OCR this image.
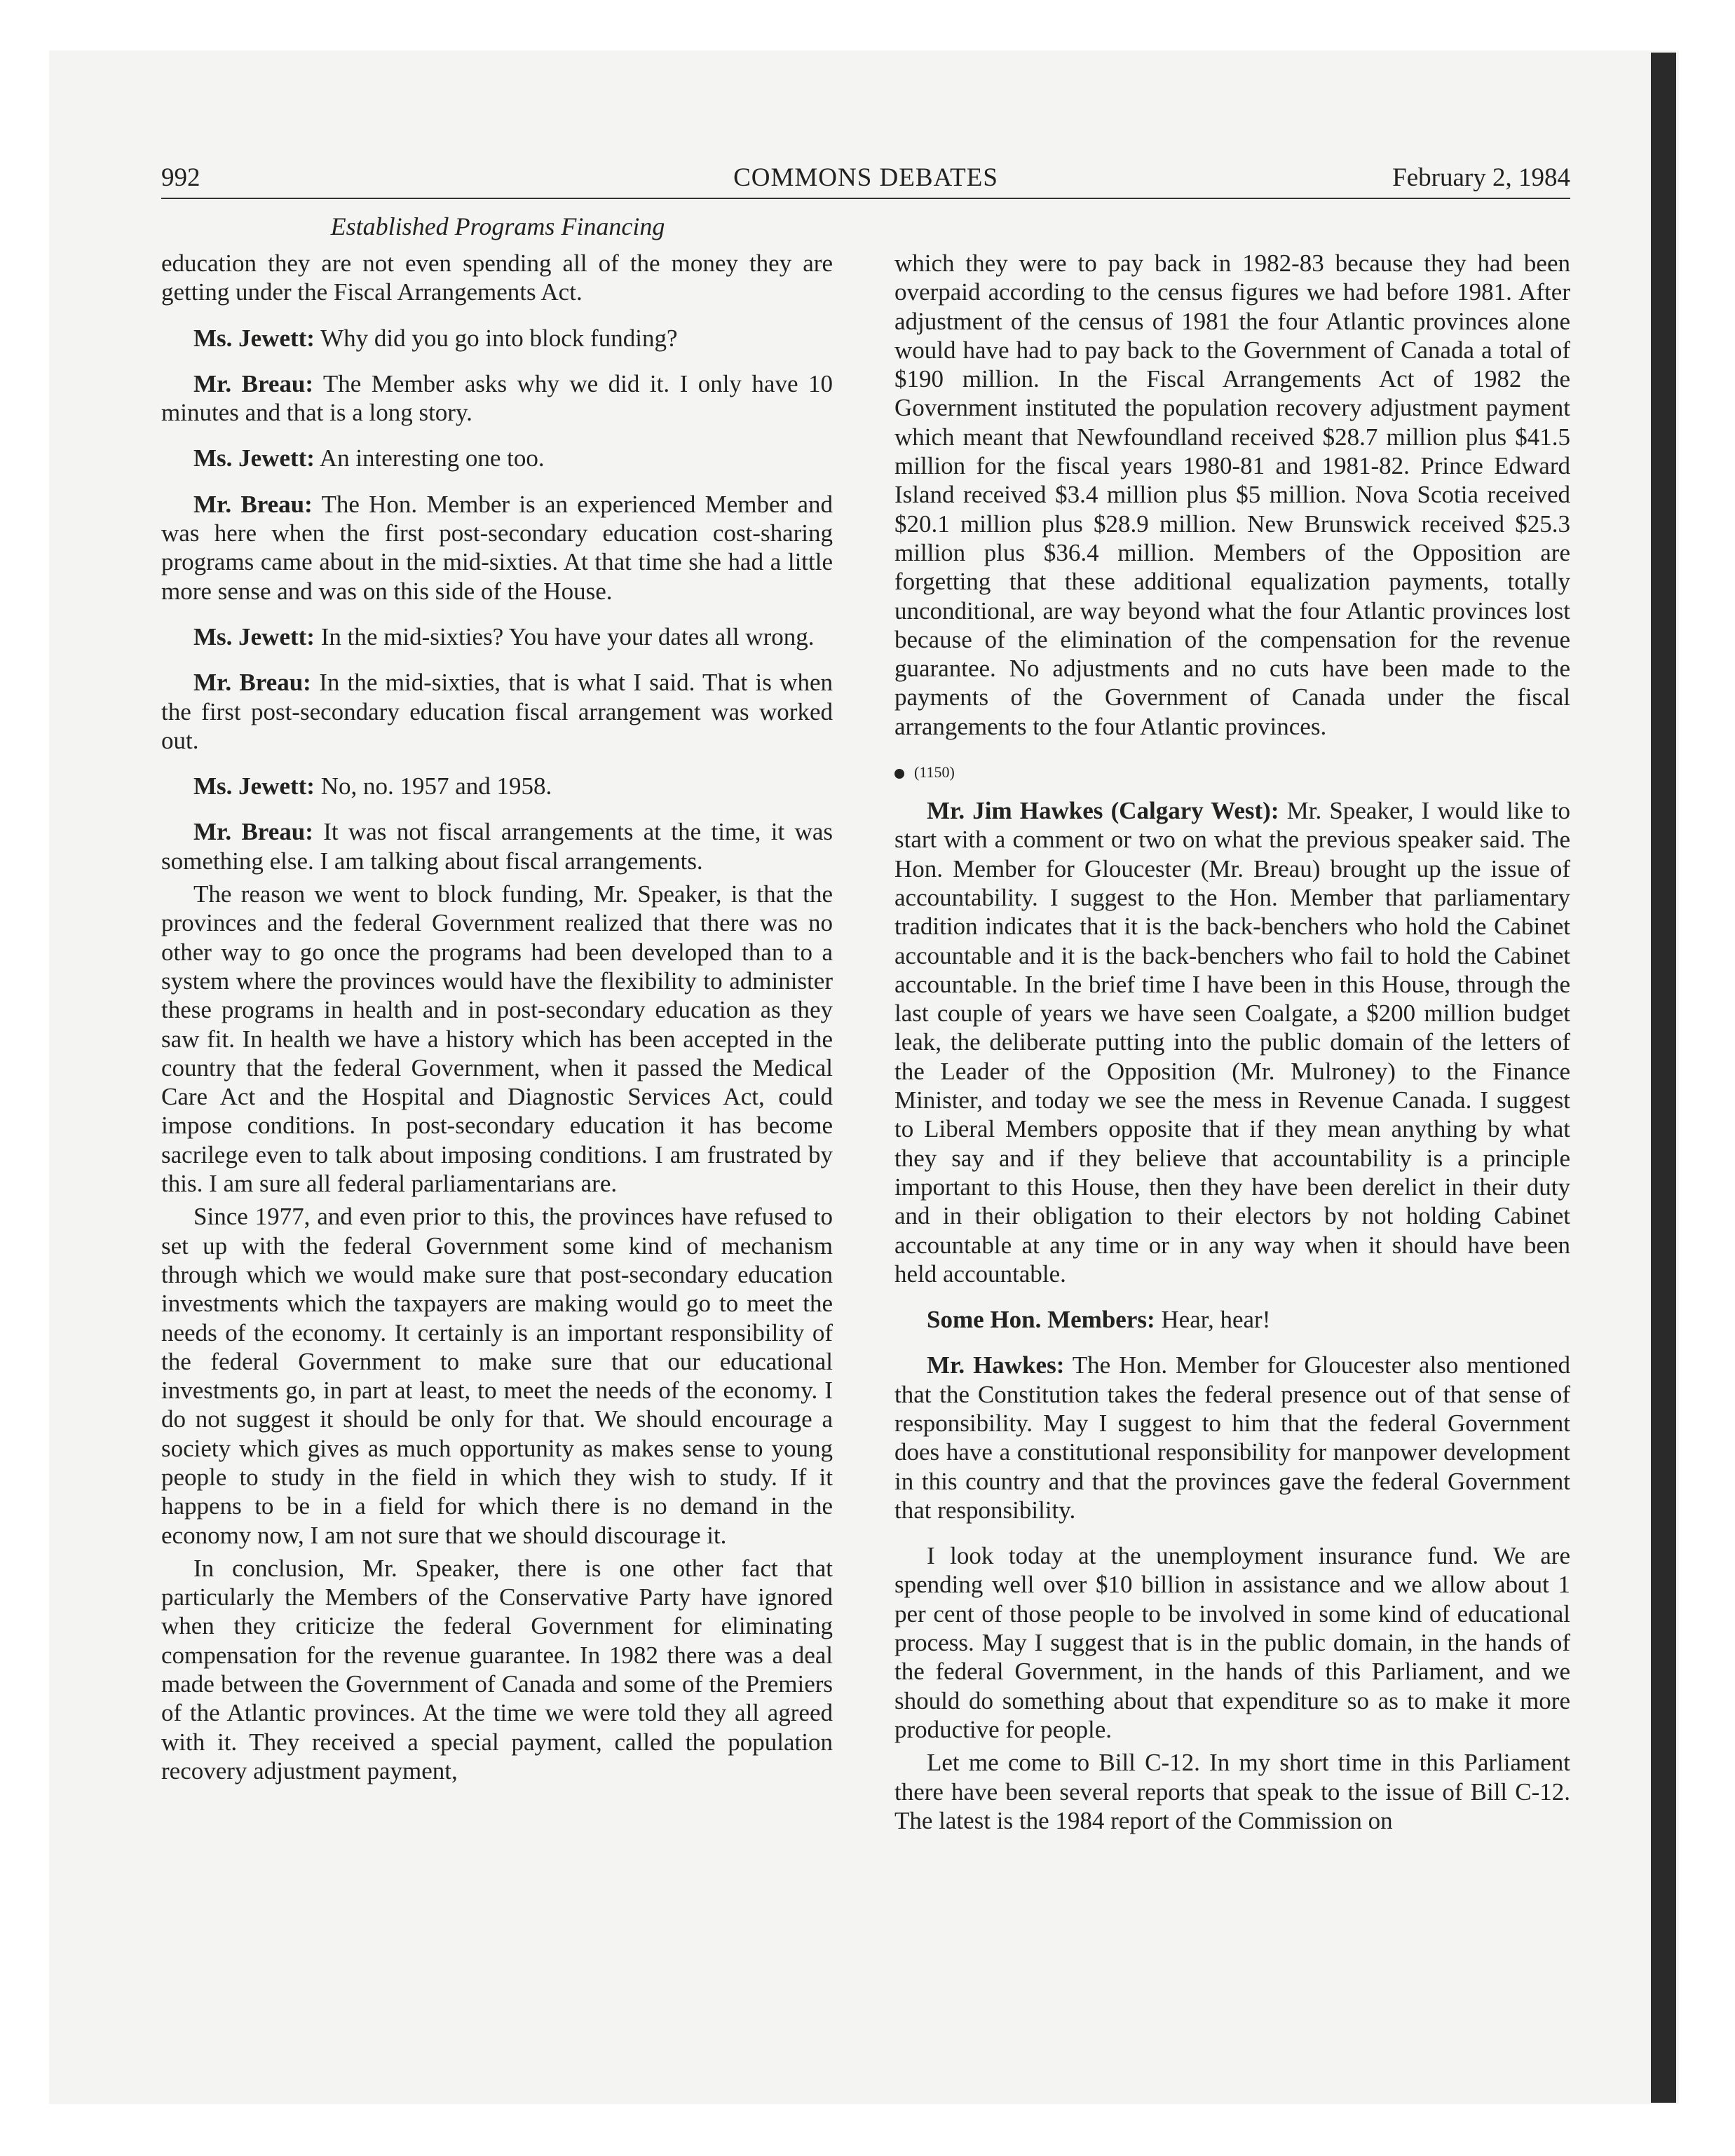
COMMONS DEBATES
992	February 2, 1984
Established Programs Financing

education they are not even spending all of the money they are getting under the Fiscal Arrangements Act.

Ms. Jewett: Why did you go into block funding?

Mr. Breau: The Member asks why we did it. I only have 10 minutes and that is a long story.

Ms. Jewett: An interesting one too.

Mr. Breau: The Hon. Member is an experienced Member and was here when the first post-secondary education cost-sharing programs came about in the mid-sixties. At that time she had a little more sense and was on this side of the House.

Ms. Jewett: In the mid-sixties? You have your dates all wrong.

Mr. Breau: In the mid-sixties, that is what I said. That is when the first post-secondary education fiscal arrangement was worked out.

Ms. Jewett: No, no. 1957 and 1958.

Mr. Breau: It was not fiscal arrangements at the time, it was something else. I am talking about fiscal arrangements.

The reason we went to block funding, Mr. Speaker, is that the provinces and the federal Government realized that there was no other way to go once the programs had been developed than to a system where the provinces would have the flexibility to administer these programs in health and in post-secondary education as they saw fit. In health we have a history which has been accepted in the country that the federal Government, when it passed the Medical Care Act and the Hospital and Diagnostic Services Act, could impose conditions. In post-secondary education it has become sacrilege even to talk about imposing conditions. I am frustrated by this. I am sure all federal parliamentarians are.

Since 1977, and even prior to this, the provinces have refused to set up with the federal Government some kind of mechanism through which we would make sure that post-secondary education investments which the taxpayers are making would go to meet the needs of the economy. It certainly is an important responsibility of the federal Government to make sure that our educational investments go, in part at least, to meet the needs of the economy. I do not suggest it should be only for that. We should encourage a society which gives as much opportunity as makes sense to young people to study in the field in which they wish to study. If it happens to be in a field for which there is no demand in the economy now, I am not sure that we should discourage it.

In conclusion, Mr. Speaker, there is one other fact that particularly the Members of the Conservative Party have ignored when they criticize the federal Government for eliminating compensation for the revenue guarantee. In 1982 there was a deal made between the Government of Canada and some of the Premiers of the Atlantic provinces. At the time we were told they all agreed with it. They received a special payment, called the population recovery adjustment payment,

which they were to pay back in 1982-83 because they had been overpaid according to the census figures we had before 1981. After adjustment of the census of 1981 the four Atlantic provinces alone would have had to pay back to the Government of Canada a total of $190 million. In the Fiscal Arrangements Act of 1982 the Government instituted the population recovery adjustment payment which meant that Newfoundland received $28.7 million plus $41.5 million for the fiscal years 1980-81 and 1981-82. Prince Edward Island received $3.4 million plus $5 million. Nova Scotia received $20.1 million plus $28.9 million. New Brunswick received $25.3 million plus $36.4 million. Members of the Opposition are forgetting that these additional equalization payments, totally unconditional, are way beyond what the four Atlantic provinces lost because of the elimination of the compensation for the revenue guarantee. No adjustments and no cuts have been made to the payments of the Government of Canada under the fiscal arrangements to the four Atlantic provinces.

(1150)

Mr. Jim Hawkes (Calgary West): Mr. Speaker, I would like to start with a comment or two on what the previous speaker said. The Hon. Member for Gloucester (Mr. Breau) brought up the issue of accountability. I suggest to the Hon. Member that parliamentary tradition indicates that it is the back-benchers who hold the Cabinet accountable and it is the back-benchers who fail to hold the Cabinet accountable. In the brief time I have been in this House, through the last couple of years we have seen Coalgate, a $200 million budget leak, the deliberate putting into the public domain of the letters of the Leader of the Opposition (Mr. Mulroney) to the Finance Minister, and today we see the mess in Revenue Canada. I suggest to Liberal Members opposite that if they mean anything by what they say and if they believe that accountability is a principle important to this House, then they have been derelict in their duty and in their obligation to their electors by not holding Cabinet accountable at any time or in any way when it should have been held accountable.

Some Hon. Members: Hear, hear!

Mr. Hawkes: The Hon. Member for Gloucester also mentioned that the Constitution takes the federal presence out of that sense of responsibility. May I suggest to him that the federal Government does have a constitutional responsibility for manpower development in this country and that the provinces gave the federal Government that responsibility.

I look today at the unemployment insurance fund. We are spending well over $10 billion in assistance and we allow about 1 per cent of those people to be involved in some kind of educational process. May I suggest that is in the public domain, in the hands of the federal Government, in the hands of this Parliament, and we should do something about that expenditure so as to make it more productive for people.

Let me come to Bill C-12. In my short time in this Parliament there have been several reports that speak to the issue of Bill C-12. The latest is the 1984 report of the Commission on
